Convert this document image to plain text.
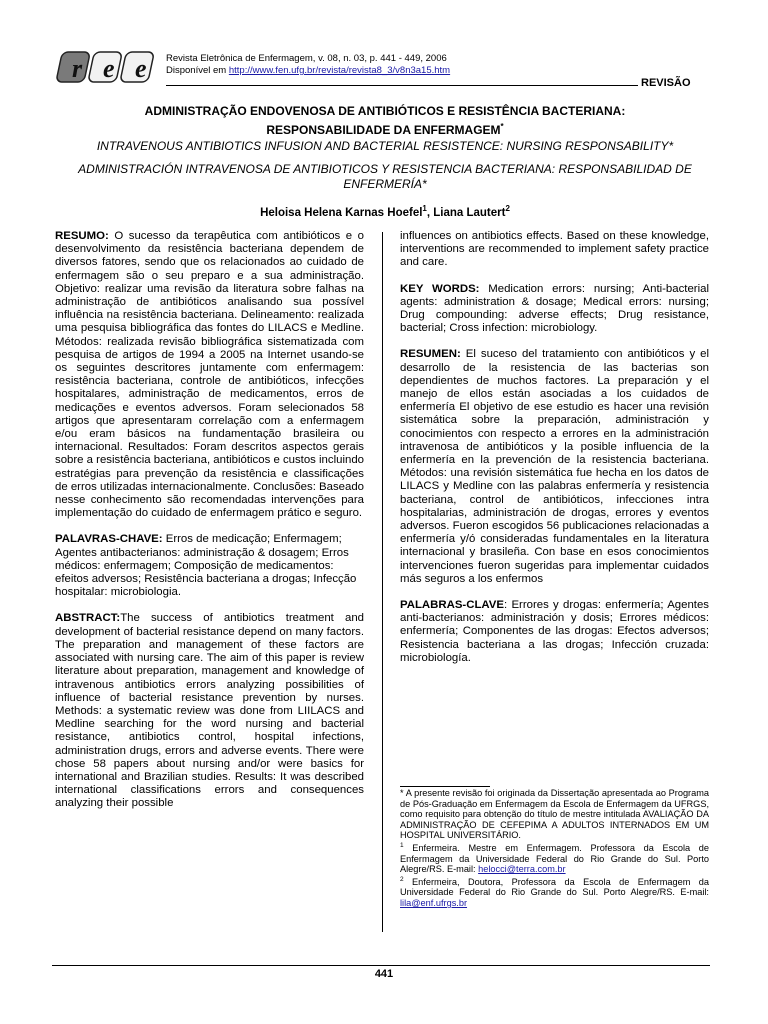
r e e Revista Eletrônica de Enfermagem, v. 08, n. 03, p. 441 - 449, 2006
Disponível em http://www.fen.ufg.br/revista/revista8_3/v8n3a15.htm
REVISÃO
ADMINISTRAÇÃO ENDOVENOSA DE ANTIBIÓTICOS E RESISTÊNCIA BACTERIANA:
RESPONSABILIDADE DA ENFERMAGEM*
INTRAVENOUS ANTIBIOTICS INFUSION AND BACTERIAL RESISTENCE: NURSING RESPONSABILITY*
ADMINISTRACIÓN INTRAVENOSA DE ANTIBIOTICOS Y RESISTENCIA BACTERIANA: RESPONSABILIDAD DE ENFERMERÍA*
Heloisa Helena Karnas Hoefel$^1$, Liana Lautert$^2$

RESUMO: O sucesso da terapêutica com antibióticos e o desenvolvimento da resistência bacteriana dependem de diversos fatores, sendo que os relacionados ao cuidado de enfermagem são o seu preparo e a sua administração. Objetivo: realizar uma revisão da literatura sobre falhas na administração de antibióticos analisando sua possível influência na resistência bacteriana. Delineamento: realizada uma pesquisa bibliográfica das fontes do LILACS e Medline. Métodos: realizada revisão bibliográfica sistematizada com pesquisa de artigos de 1994 a 2005 na Internet usando-se os seguintes descritores juntamente com enfermagem: resistência bacteriana, controle de antibióticos, infecções hospitalares, administração de medicamentos, erros de medicações e eventos adversos. Foram selecionados 58 artigos que apresentaram correlação com a enfermagem e/ou eram básicos na fundamentação brasileira ou internacional. Resultados: Foram descritos aspectos gerais sobre a resistência bacteriana, antibióticos e custos incluindo estratégias para prevenção da resistência e classificações de erros utilizadas internacionalmente. Conclusões: Baseado nesse conhecimento são recomendadas intervenções para implementação do cuidado de enfermagem prático e seguro.

PALAVRAS-CHAVE: Erros de medicação; Enfermagem; Agentes antibacterianos: administração & dosagem; Erros médicos: enfermagem; Composição de medicamentos: efeitos adversos; Resistência bacteriana a drogas; Infecção hospitalar: microbiologia.

ABSTRACT:The success of antibiotics treatment and development of bacterial resistance depend on many factors. The preparation and management of these factors are associated with nursing care. The aim of this paper is review literature about preparation, management and knowledge of intravenous antibiotics errors analyzing possibilities of influence of bacterial resistance prevention by nurses. Methods: a systematic review was done from LIILACS and Medline searching for the word nursing and bacterial resistance, antibiotics control, hospital infections, administration drugs, errors and adverse events. There were chose 58 papers about nursing and/or were basics for international and Brazilian studies. Results: It was described international classifications errors and consequences analyzing their possible

influences on antibiotics effects. Based on these knowledge, interventions are recommended to implement safety practice and care.

KEY WORDS: Medication errors: nursing; Anti-bacterial agents: administration & dosage; Medical errors: nursing; Drug compounding: adverse effects; Drug resistance, bacterial; Cross infection: microbiology.

RESUMEN: El suceso del tratamiento con antibióticos y el desarrollo de la resistencia de las bacterias son dependientes de muchos factores. La preparación y el manejo de ellos están asociadas a los cuidados de enfermería El objetivo de ese estudio es hacer una revisión sistemática sobre la preparación, administración y conocimientos con respecto a errores en la administración intravenosa de antibióticos y la posible influencia de la enfermería en la prevención de la resistencia bacteriana. Métodos: una revisión sistemática fue hecha en los datos de LILACS y Medline con las palabras enfermería y resistencia bacteriana, control de antibióticos, infecciones intra hospitalarias, administración de drogas, errores y eventos adversos. Fueron escogidos 56 publicaciones relacionadas a enfermería y/ó consideradas fundamentales en la literatura internacional y brasileña. Con base en esos conocimientos intervenciones fueron sugeridas para implementar cuidados más seguros a los enfermos

PALABRAS-CLAVE: Errores y drogas: enfermería; Agentes anti-bacterianos: administración y dosis; Errores médicos: enfermería; Componentes de las drogas: Efectos adversos; Resistencia bacteriana a las drogas; Infección cruzada: microbiología.

* A presente revisão foi originada da Dissertação apresentada ao Programa de Pós-Graduação em Enfermagem da Escola de Enfermagem da UFRGS, como requisito para obtenção do título de mestre intitulada AVALIAÇÃO DA ADMINISTRAÇÃO DE CEFEPIMA A ADULTOS INTERNADOS EM UM HOSPITAL UNIVERSITÁRIO.

$^1$ Enfermeira. Mestre em Enfermagem. Professora da Escola de Enfermagem da Universidade Federal do Rio Grande do Sul. Porto Alegre/RS. E-mail: helocci@terra.com.br

$^2$ Enfermeira, Doutora, Professora da Escola de Enfermagem da Universidade Federal do Rio Grande do Sul. Porto Alegre/RS. E-mail: lila@enf.ufrgs.br

441
